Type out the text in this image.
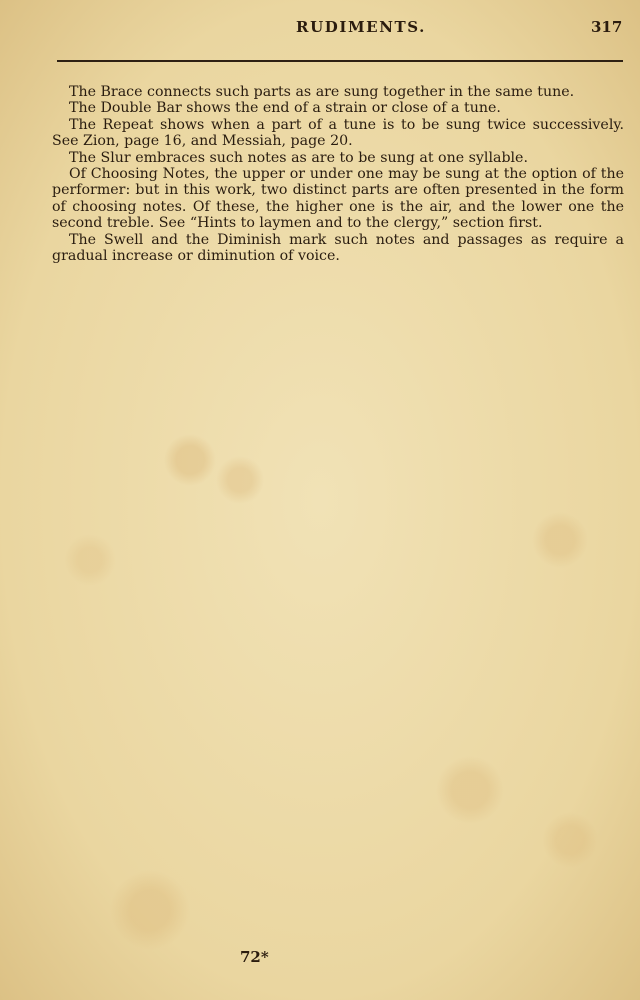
RUDIMENTS.	317

The Brace connects such parts as are sung together in the same tune.

The Double Bar shows the end of a strain or close of a tune.

The Repeat shows when a part of a tune is to be sung twice successively. See Zion, page 16, and Messiah, page 20.

The Slur embraces such notes as are to be sung at one syllable.

Of Choosing Notes, the upper or under one may be sung at the option of the performer: but in this work, two distinct parts are often presented in the form of choosing notes. Of these, the higher one is the air, and the lower one the second treble. See “Hints to laymen and to the clergy,” section first.

The Swell and the Diminish mark such notes and passages as require a gradual increase or diminution of voice.

72*
